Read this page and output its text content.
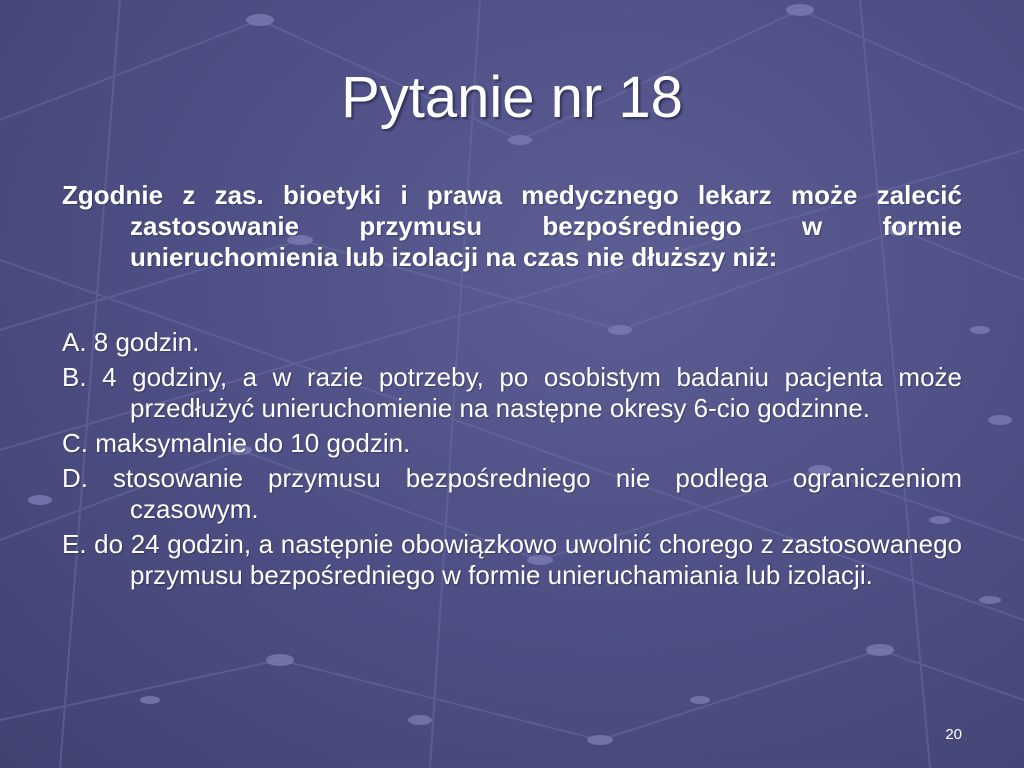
Pytanie nr 18

Zgodnie z zas. bioetyki i prawa medycznego lekarz może zalecić zastosowanie przymusu bezpośredniego w formie unieruchomienia lub izolacji na czas nie dłuższy niż:

A. 8 godzin.

B. 4 godziny, a w razie potrzeby, po osobistym badaniu pacjenta może przedłużyć unieruchomienie na następne okresy 6-cio godzinne.

C. maksymalnie do 10 godzin.

D. stosowanie przymusu bezpośredniego nie podlega ograniczeniom czasowym.

E. do 24 godzin, a następnie obowiązkowo uwolnić chorego z zastosowanego przymusu bezpośredniego w formie unieruchamiania lub izolacji.

20
